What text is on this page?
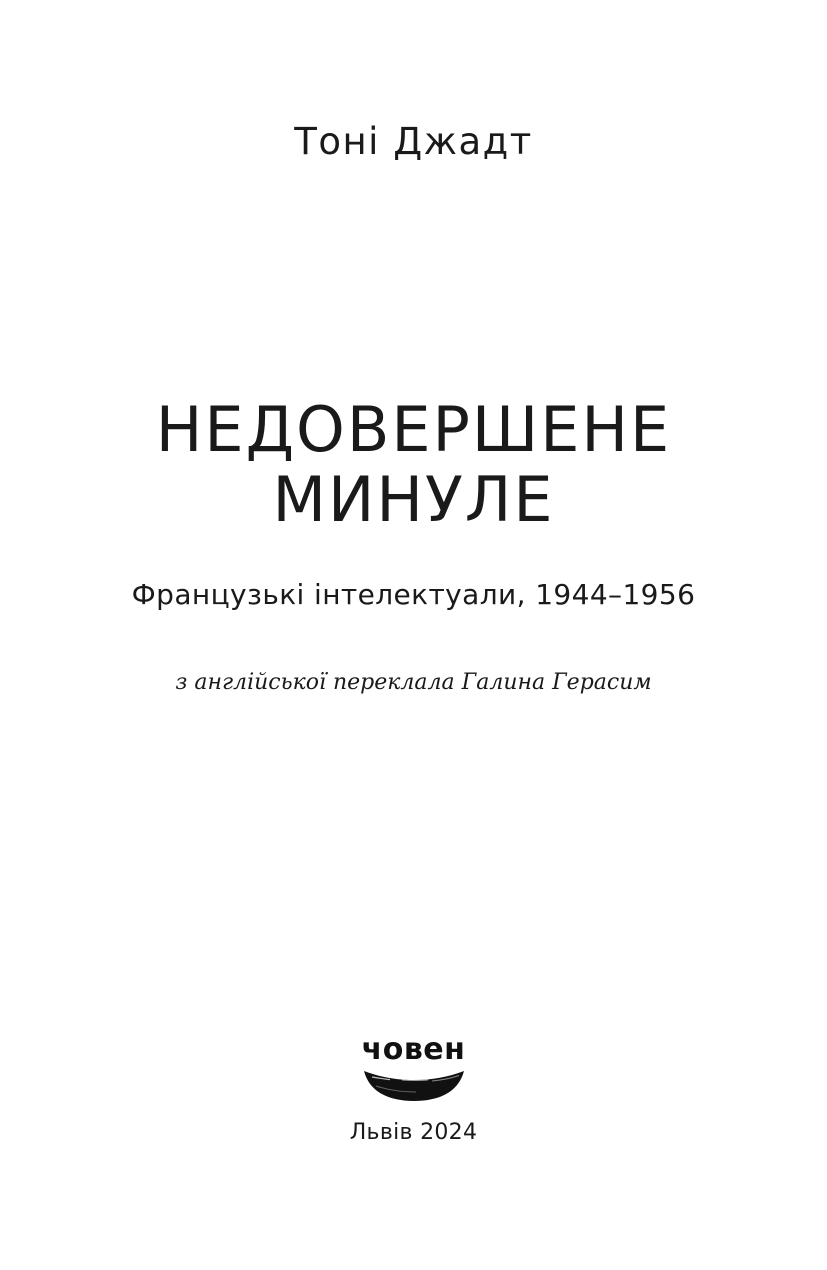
Тоні Джадт
НЕДОВЕРШЕНЕ
МИНУЛЕ
Французькі інтелектуали, 1944–1956
з англійської переклала Галина Герасим
човен
Львів 2024
